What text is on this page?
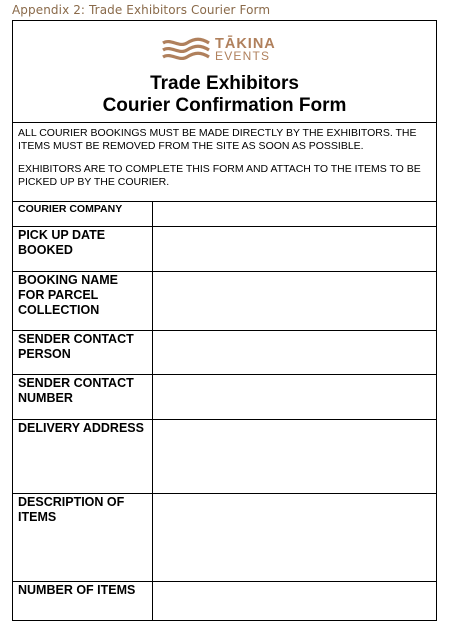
Appendix 2: Trade Exhibitors Courier Form
TĀKINA
EVENTS
Trade Exhibitors
Courier Confirmation Form

ALL COURIER BOOKINGS MUST BE MADE DIRECTLY BY THE EXHIBITORS. THE ITEMS MUST BE REMOVED FROM THE SITE AS SOON AS POSSIBLE.

EXHIBITORS ARE TO COMPLETE THIS FORM AND ATTACH TO THE ITEMS TO BE PICKED UP BY THE COURIER.

COURIER COMPANY
PICK UP DATE BOOKED
BOOKING NAME FOR PARCEL COLLECTION
SENDER CONTACT PERSON
SENDER CONTACT NUMBER
DELIVERY ADDRESS
DESCRIPTION OF ITEMS
NUMBER OF ITEMS
